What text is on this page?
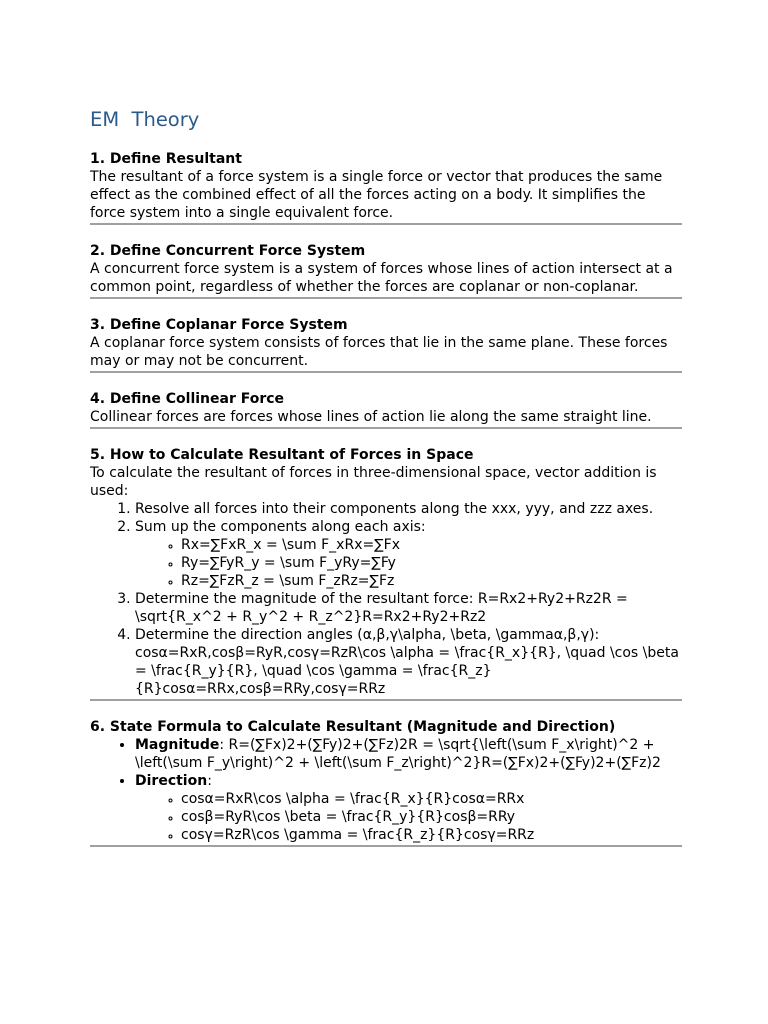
EM  Theory

1. Define Resultant

The resultant of a force system is a single force or vector that produces the same effect as the combined effect of all the forces acting on a body. It simplifies the force system into a single equivalent force.

2. Define Concurrent Force System

A concurrent force system is a system of forces whose lines of action intersect at a common point, regardless of whether the forces are coplanar or non-coplanar.

3. Define Coplanar Force System

A coplanar force system consists of forces that lie in the same plane. These forces may or may not be concurrent.

4. Define Collinear Force

Collinear forces are forces whose lines of action lie along the same straight line.

5. How to Calculate Resultant of Forces in Space

To calculate the resultant of forces in three-dimensional space, vector addition is used:

1. Resolve all forces into their components along the xxx, yyy, and zzz axes.
2. Sum up the components along each axis:
◦ Rx=∑FxR_x = \sum F_xRx=∑Fx
◦ Ry=∑FyR_y = \sum F_yRy=∑Fy
◦ Rz=∑FzR_z = \sum F_zRz=∑Fz
3. Determine the magnitude of the resultant force: R=Rx2+Ry2+Rz2R = \sqrt{R_x^2 + R_y^2 + R_z^2}R=Rx2+Ry2+Rz2
4. Determine the direction angles (α,β,γ\alpha, \beta, \gammaα,β,γ): cosα=RxR,cosβ=RyR,cosγ=RzR\cos \alpha = \frac{R_x}{R}, \quad \cos \beta = \frac{R_y}{R}, \quad \cos \gamma = \frac{R_z}{R}cosα=RRx,cosβ=RRy,cosγ=RRz

6. State Formula to Calculate Resultant (Magnitude and Direction)

• Magnitude: R=(∑Fx)2+(∑Fy)2+(∑Fz)2R = \sqrt{\left(\sum F_x\right)^2 + \left(\sum F_y\right)^2 + \left(\sum F_z\right)^2}R=(∑Fx)2+(∑Fy)2+(∑Fz)2
• Direction:
◦ cosα=RxR\cos \alpha = \frac{R_x}{R}cosα=RRx
◦ cosβ=RyR\cos \beta = \frac{R_y}{R}cosβ=RRy
◦ cosγ=RzR\cos \gamma = \frac{R_z}{R}cosγ=RRz
